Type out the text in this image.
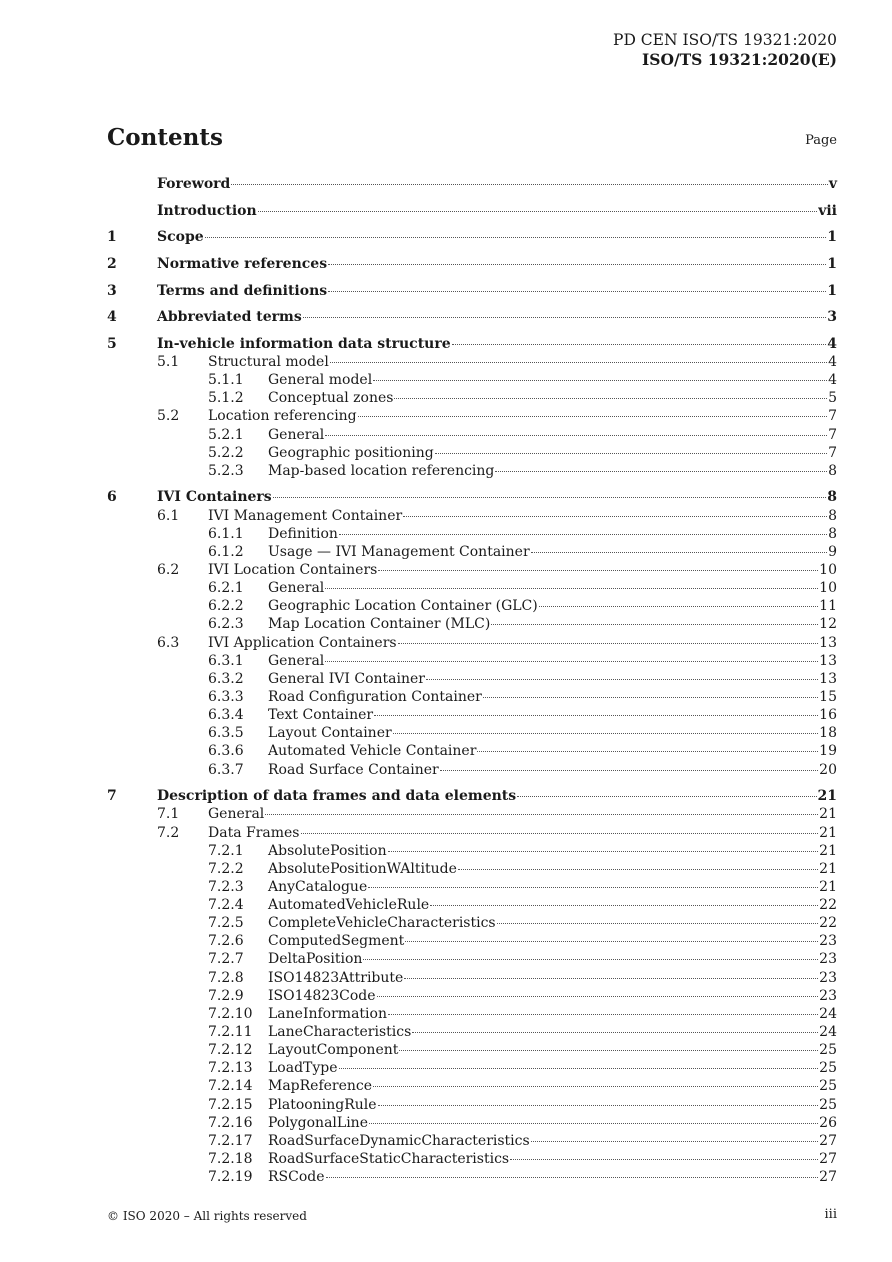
PD CEN ISO/TS 19321:2020
ISO/TS 19321:2020(E)
Contents	Page
Foreword	v
Introduction	vii
1	Scope	1
2	Normative references	1
3	Terms and definitions	1
4	Abbreviated terms	3
5	In-vehicle information data structure	4
5.1	Structural model	4
5.1.1	General model	4
5.1.2	Conceptual zones	5
5.2	Location referencing	7
5.2.1	General	7
5.2.2	Geographic positioning	7
5.2.3	Map-based location referencing	8
6	IVI Containers	8
6.1	IVI Management Container	8
6.1.1	Definition	8
6.1.2	Usage — IVI Management Container	9
6.2	IVI Location Containers	10
6.2.1	General	10
6.2.2	Geographic Location Container (GLC)	11
6.2.3	Map Location Container (MLC)	12
6.3	IVI Application Containers	13
6.3.1	General	13
6.3.2	General IVI Container	13
6.3.3	Road Configuration Container	15
6.3.4	Text Container	16
6.3.5	Layout Container	18
6.3.6	Automated Vehicle Container	19
6.3.7	Road Surface Container	20
7	Description of data frames and data elements	21
7.1	General	21
7.2	Data Frames	21
7.2.1	AbsolutePosition	21
7.2.2	AbsolutePositionWAltitude	21
7.2.3	AnyCatalogue	21
7.2.4	AutomatedVehicleRule	22
7.2.5	CompleteVehicleCharacteristics	22
7.2.6	ComputedSegment	23
7.2.7	DeltaPosition	23
7.2.8	ISO14823Attribute	23
7.2.9	ISO14823Code	23
7.2.10	LaneInformation	24
7.2.11	LaneCharacteristics	24
7.2.12	LayoutComponent	25
7.2.13	LoadType	25
7.2.14	MapReference	25
7.2.15	PlatooningRule	25
7.2.16	PolygonalLine	26
7.2.17	RoadSurfaceDynamicCharacteristics	27
7.2.18	RoadSurfaceStaticCharacteristics	27
7.2.19	RSCode	27
© ISO 2020 – All rights reserved	iii
